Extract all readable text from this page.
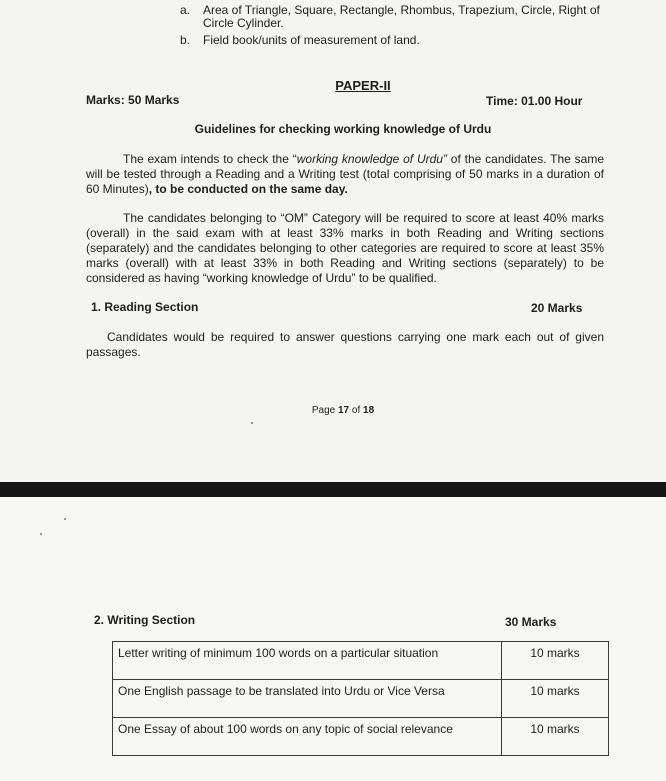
a.	Area of Triangle, Square, Rectangle, Rhombus, Trapezium, Circle, Right of Circle Cylinder.
b.	Field book/units of measurement of land.
PAPER-II
Marks: 50 Marks	Time: 01.00 Hour
Guidelines for checking working knowledge of Urdu
The exam intends to check the “working knowledge of Urdu” of the candidates. The same will be tested through a Reading and a Writing test (total comprising of 50 marks in a duration of 60 Minutes), to be conducted on the same day.
The candidates belonging to “OM” Category will be required to score at least 40% marks (overall) in the said exam with at least 33% marks in both Reading and Writing sections (separately) and the candidates belonging to other categories are required to score at least 35% marks (overall) with at least 33% in both Reading and Writing sections (separately) to be considered as having “working knowledge of Urdu” to be qualified.
1. Reading Section	20 Marks
Candidates would be required to answer questions carrying one mark each out of given passages.
Page 17 of 18
2. Writing Section	30 Marks
Letter writing of minimum 100 words on a particular situation	10 marks
One English passage to be translated into Urdu or Vice Versa	10 marks
One Essay of about 100 words on any topic of social relevance	10 marks
